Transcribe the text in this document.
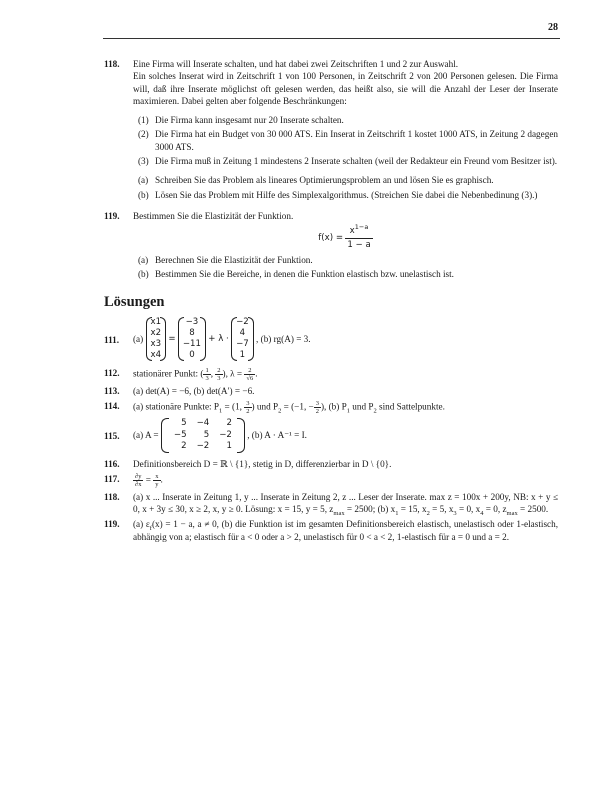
28
118. Eine Firma will Inserate schalten, und hat dabei zwei Zeitschriften 1 und 2 zur Auswahl.
Ein solches Inserat wird in Zeitschrift 1 von 100 Personen, in Zeitschrift 2 von 200 Personen gelesen. Die Firma will, daß ihre Inserate möglichst oft gelesen werden, das heißt also, sie will die Anzahl der Leser der Inserate maximieren. Dabei gelten aber folgende Beschränkungen:
(1) Die Firma kann insgesamt nur 20 Inserate schalten.
(2) Die Firma hat ein Budget von 30 000 ATS. Ein Inserat in Zeitschrift 1 kostet 1000 ATS, in Zeitung 2 dagegen 3000 ATS.
(3) Die Firma muß in Zeitung 1 mindestens 2 Inserate schalten (weil der Redakteur ein Freund vom Besitzer ist).
(a) Schreiben Sie das Problem als lineares Optimierungsproblem an und lösen Sie es graphisch.
(b) Lösen Sie das Problem mit Hilfe des Simplexalgorithmus. (Streichen Sie dabei die Nebenbedinung (3).)
119. Bestimmen Sie die Elastizität der Funktion.
$f(x) = \frac{x^{1-a}}{1 - a}$
(a) Berechnen Sie die Elastizität der Funktion.
(b) Bestimmen Sie die Bereiche, in denen die Funktion elastisch bzw. unelastisch ist.
Lösungen
111. (a)
x1
x2
x3
x4
=
−3
8
−11
0
+ λ ·
−2
4
−7
1
, (b) rg(A) = 3.
112. stationärer Punkt: ( $\frac{1}{3}$ , $\frac{2}{3}$ ), $\lambda = \frac{2}{√6}$ .
113. (a) det(A) = −6, (b) det(A′) = −6.
114. (a) stationäre Punkte: $P_1 = (1$, $\frac{3}{2}$ ) und $P_2 = (-1$, − $\frac{3}{2}$ ), (b) $P_1$ und $P_2$ sind Sattelpunkte.
115. (a) A =
5	−4	2
−5	5	−2
2	−2	1 , (b) A · A⁻¹ = I.
116. Definitionsbereich D = ℝ \ {1}, stetig in D, differenzierbar in D \ {0}.
117. $\frac{\partial y}{\partial x} = \frac{x}{y}$ .
118. (a) x ... Inserate in Zeitung 1, y ... Inserate in Zeitung 2, z ... Leser der Inserate. max z = 100x + 200y, NB: x + y ≤ 0, x + 3y ≤ 30, x ≥ 2, x, y ≥ 0. Lösung: x = 15, y = 5, $z_{max} = 2500$; (b) $x_1 = 15$, $x_2 = 5$, $x_3 = 0$, $x_4 = 0$, $z_{max} = 2500$.
119. (a) $\varepsilon_f(x) = 1 - a$, a ≠ 0, (b) die Funktion ist im gesamten Definitionsbereich elastisch, unelastisch oder 1-elastisch, abhängig von a; elastisch für a < 0 oder a > 2, unelastisch für 0 < a < 2, 1-elastisch für a = 0 und a = 2.
